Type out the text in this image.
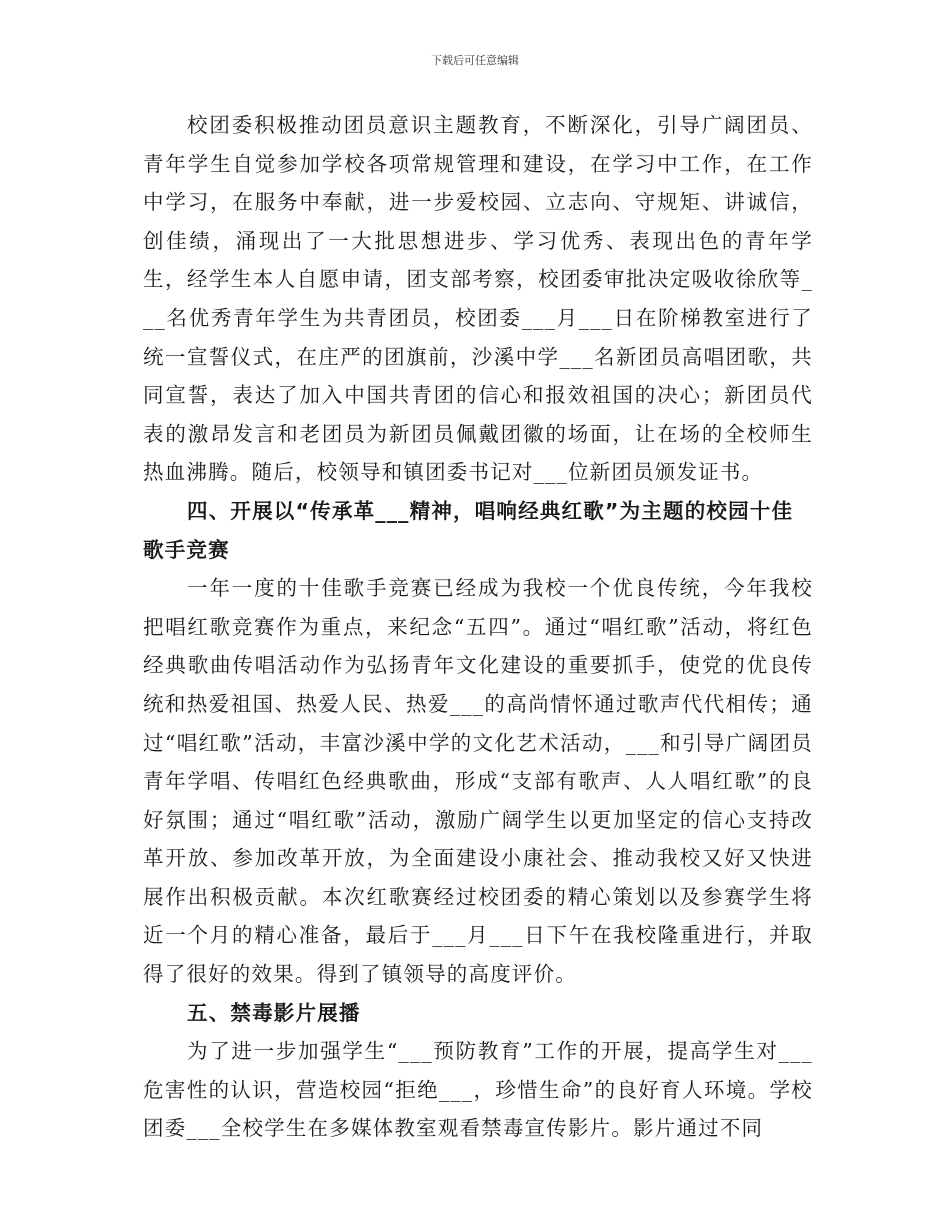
下载后可任意编辑

校团委积极推动团员意识主题教育，不断深化，引导广阔团员、青年学生自觉参加学校各项常规管理和建设，在学习中工作，在工作中学习，在服务中奉献，进一步爱校园、立志向、守规矩、讲诚信，创佳绩，涌现出了一大批思想进步、学习优秀、表现出色的青年学生，经学生本人自愿申请，团支部考察，校团委审批决定吸收徐欣等___名优秀青年学生为共青团员，校团委___月___日在阶梯教室进行了统一宣誓仪式，在庄严的团旗前，沙溪中学___名新团员高唱团歌，共同宣誓，表达了加入中国共青团的信心和报效祖国的决心；新团员代表的激昂发言和老团员为新团员佩戴团徽的场面，让在场的全校师生热血沸腾。随后，校领导和镇团委书记对___位新团员颁发证书。

四、开展以“传承革___精神，唱响经典红歌”为主题的校园十佳歌手竞赛

一年一度的十佳歌手竞赛已经成为我校一个优良传统，今年我校把唱红歌竞赛作为重点，来纪念“五四”。通过“唱红歌”活动，将红色经典歌曲传唱活动作为弘扬青年文化建设的重要抓手，使党的优良传统和热爱祖国、热爱人民、热爱___的高尚情怀通过歌声代代相传；通过“唱红歌”活动，丰富沙溪中学的文化艺术活动，___和引导广阔团员青年学唱、传唱红色经典歌曲，形成“支部有歌声、人人唱红歌”的良好氛围；通过“唱红歌”活动，激励广阔学生以更加坚定的信心支持改革开放、参加改革开放，为全面建设小康社会、推动我校又好又快进展作出积极贡献。本次红歌赛经过校团委的精心策划以及参赛学生将近一个月的精心准备，最后于___月___日下午在我校隆重进行，并取得了很好的效果。得到了镇领导的高度评价。

五、禁毒影片展播

为了进一步加强学生“___预防教育”工作的开展，提高学生对___危害性的认识，营造校园“拒绝___，珍惜生命”的良好育人环境。学校团委___全校学生在多媒体教室观看禁毒宣传影片。影片通过不同
